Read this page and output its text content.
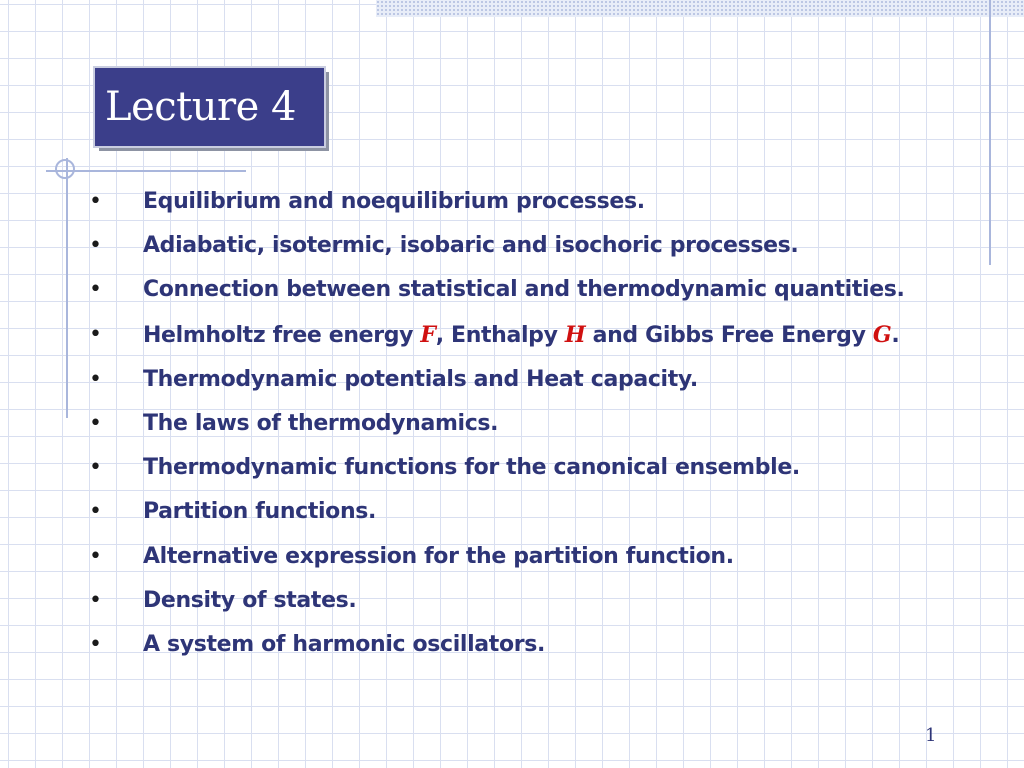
Lecture 4
•	Equilibrium and noequilibrium processes.
•	Adiabatic, isotermic, isobaric and isochoric processes.
•	Connection between statistical and thermodynamic quantities.
•	Helmholtz free energy F, Enthalpy H and Gibbs Free Energy G.
•	Thermodynamic potentials and Heat capacity.
•	The laws of thermodynamics.
•	Thermodynamic functions for the canonical ensemble.
•	Partition functions.
•	Alternative expression for the partition function.
•	Density of states.
•	A system of harmonic oscillators.
1
